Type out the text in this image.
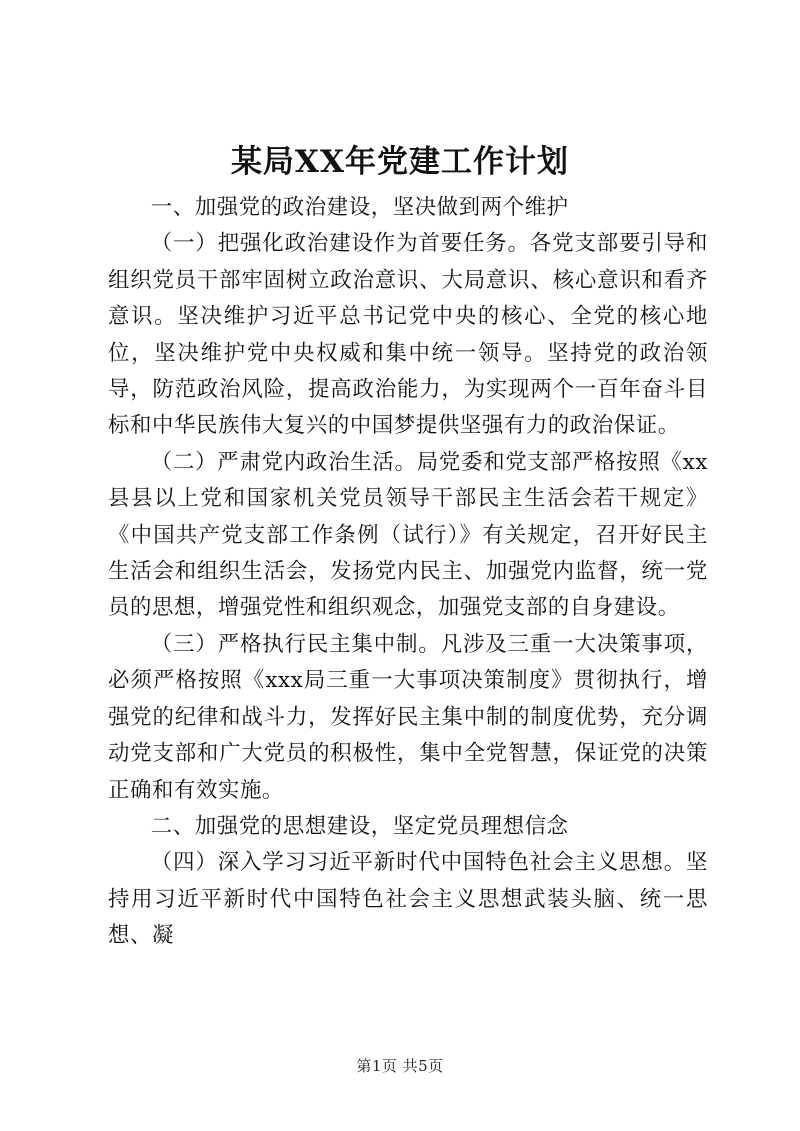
某局XX年党建工作计划

一、加强党的政治建设，坚决做到两个维护

（一）把强化政治建设作为首要任务。各党支部要引导和组织党员干部牢固树立政治意识、大局意识、核心意识和看齐意识。坚决维护习近平总书记党中央的核心、全党的核心地位，坚决维护党中央权威和集中统一领导。坚持党的政治领导，防范政治风险，提高政治能力，为实现两个一百年奋斗目标和中华民族伟大复兴的中国梦提供坚强有力的政治保证。

（二）严肃党内政治生活。局党委和党支部严格按照《xx县县以上党和国家机关党员领导干部民主生活会若干规定》《中国共产党支部工作条例（试行）》有关规定，召开好民主生活会和组织生活会，发扬党内民主、加强党内监督，统一党员的思想，增强党性和组织观念，加强党支部的自身建设。

（三）严格执行民主集中制。凡涉及三重一大决策事项，必须严格按照《xxx局三重一大事项决策制度》贯彻执行，增强党的纪律和战斗力，发挥好民主集中制的制度优势，充分调动党支部和广大党员的积极性，集中全党智慧，保证党的决策正确和有效实施。

二、加强党的思想建设，坚定党员理想信念

（四）深入学习习近平新时代中国特色社会主义思想。坚持用习近平新时代中国特色社会主义思想武装头脑、统一思想、凝

第1页 共5页
